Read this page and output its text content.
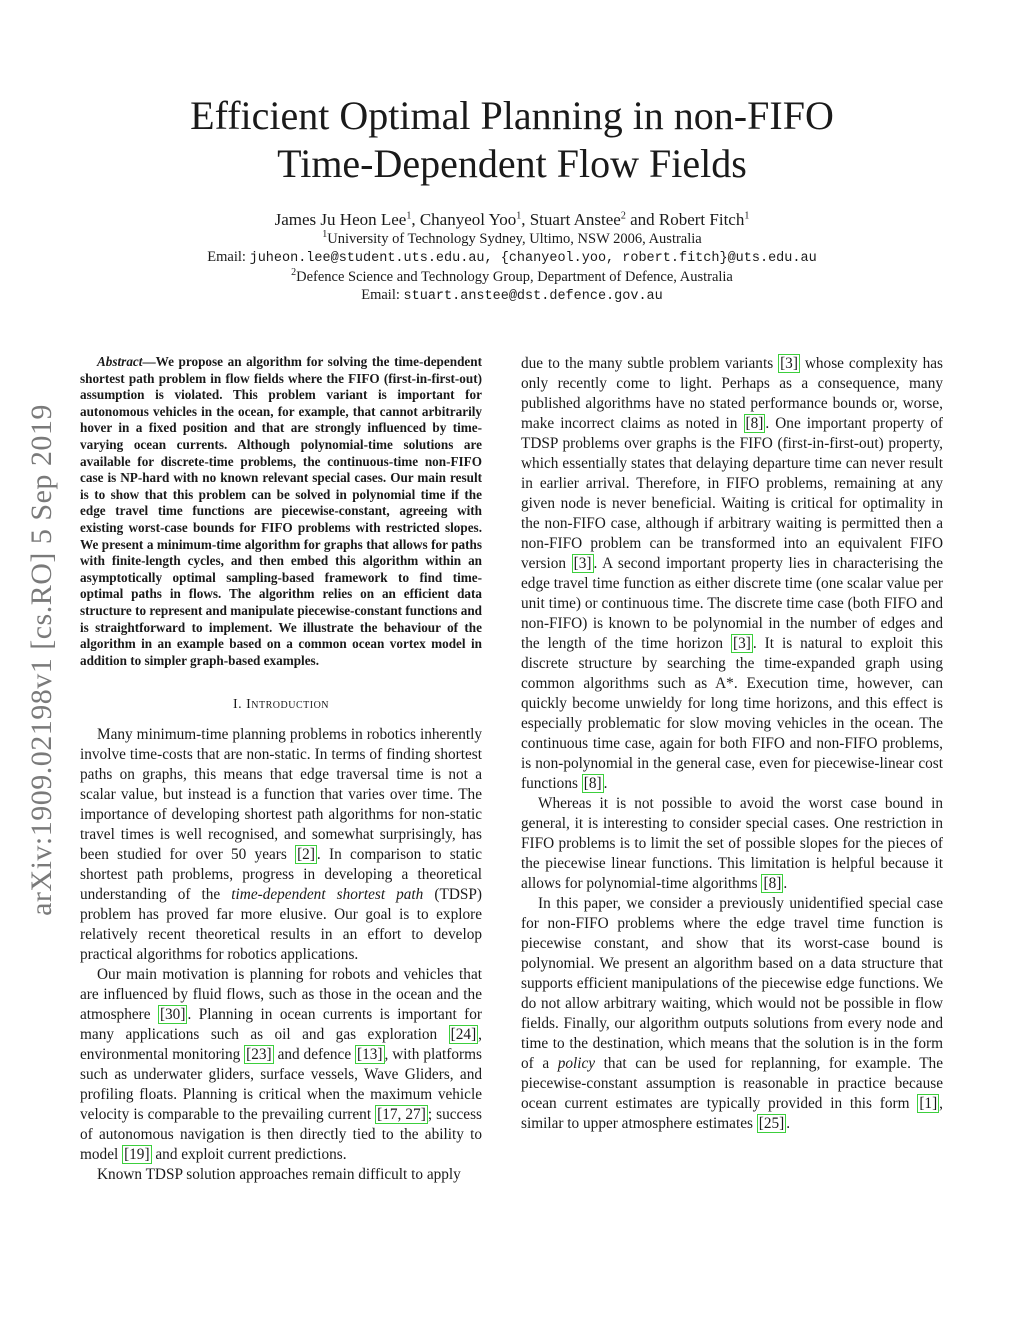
arXiv:1909.02198v1 [cs.RO] 5 Sep 2019
Efficient Optimal Planning in non-FIFO
Time-Dependent Flow Fields
James Ju Heon Lee$^1$, Chanyeol Yoo$^1$, Stuart Anstee$^2$ and Robert Fitch$^1$
$^1$University of Technology Sydney, Ultimo, NSW 2006, Australia
Email: juheon.lee@student.uts.edu.au, {chanyeol.yoo, robert.fitch}@uts.edu.au
$^2$Defence Science and Technology Group, Department of Defence, Australia
Email: stuart.anstee@dst.defence.gov.au

Abstract—We propose an algorithm for solving the time-dependent shortest path problem in flow fields where the FIFO (first-in-first-out) assumption is violated. This problem variant is important for autonomous vehicles in the ocean, for example, that cannot arbitrarily hover in a fixed position and that are strongly influenced by time-varying ocean currents. Although polynomial-time solutions are available for discrete-time problems, the continuous-time non-FIFO case is NP-hard with no known relevant special cases. Our main result is to show that this problem can be solved in polynomial time if the edge travel time functions are piecewise-constant, agreeing with existing worst-case bounds for FIFO problems with restricted slopes. We present a minimum-time algorithm for graphs that allows for paths with finite-length cycles, and then embed this algorithm within an asymptotically optimal sampling-based framework to find time-optimal paths in flows. The algorithm relies on an efficient data structure to represent and manipulate piecewise-constant functions and is straightforward to implement. We illustrate the behaviour of the algorithm in an example based on a common ocean vortex model in addition to simpler graph-based examples.

I. Introduction

Many minimum-time planning problems in robotics inherently involve time-costs that are non-static. In terms of finding shortest paths on graphs, this means that edge traversal time is not a scalar value, but instead is a function that varies over time. The importance of developing shortest path algorithms for non-static travel times is well recognised, and somewhat surprisingly, has been studied for over 50 years [2] . In comparison to static shortest path problems, progress in developing a theoretical understanding of the time-dependent shortest path (TDSP) problem has proved far more elusive. Our goal is to explore relatively recent theoretical results in an effort to develop practical algorithms for robotics applications.

Our main motivation is planning for robots and vehicles that are influenced by fluid flows, such as those in the ocean and the atmosphere [30] . Planning in ocean currents is important for many applications such as oil and gas exploration [24] , environmental monitoring [23] and defence [13] , with platforms such as underwater gliders, surface vessels, Wave Gliders, and profiling floats. Planning is critical when the maximum vehicle velocity is comparable to the prevailing current [17, 27] ; success of autonomous navigation is then directly tied to the ability to model [19] and exploit current predictions.

Known TDSP solution approaches remain difficult to apply

due to the many subtle problem variants [3] whose complexity has only recently come to light. Perhaps as a consequence, many published algorithms have no stated performance bounds or, worse, make incorrect claims as noted in [8] . One important property of TDSP problems over graphs is the FIFO (first-in-first-out) property, which essentially states that delaying departure time can never result in earlier arrival. Therefore, in FIFO problems, remaining at any given node is never beneficial. Waiting is critical for optimality in the non-FIFO case, although if arbitrary waiting is permitted then a non-FIFO problem can be transformed into an equivalent FIFO version [3] . A second important property lies in characterising the edge travel time function as either discrete time (one scalar value per unit time) or continuous time. The discrete time case (both FIFO and non-FIFO) is known to be polynomial in the number of edges and the length of the time horizon [3] . It is natural to exploit this discrete structure by searching the time-expanded graph using common algorithms such as A*. Execution time, however, can quickly become unwieldy for long time horizons, and this effect is especially problematic for slow moving vehicles in the ocean. The continuous time case, again for both FIFO and non-FIFO problems, is non-polynomial in the general case, even for piecewise-linear cost functions [8] .

Whereas it is not possible to avoid the worst case bound in general, it is interesting to consider special cases. One restriction in FIFO problems is to limit the set of possible slopes for the pieces of the piecewise linear functions. This limitation is helpful because it allows for polynomial-time algorithms [8] .

In this paper, we consider a previously unidentified special case for non-FIFO problems where the edge travel time function is piecewise constant, and show that its worst-case bound is polynomial. We present an algorithm based on a data structure that supports efficient manipulations of the piecewise edge functions. We do not allow arbitrary waiting, which would not be possible in flow fields. Finally, our algorithm outputs solutions from every node and time to the destination, which means that the solution is in the form of a policy that can be used for replanning, for example. The piecewise-constant assumption is reasonable in practice because ocean current estimates are typically provided in this form [1] , similar to upper atmosphere estimates [25] .
